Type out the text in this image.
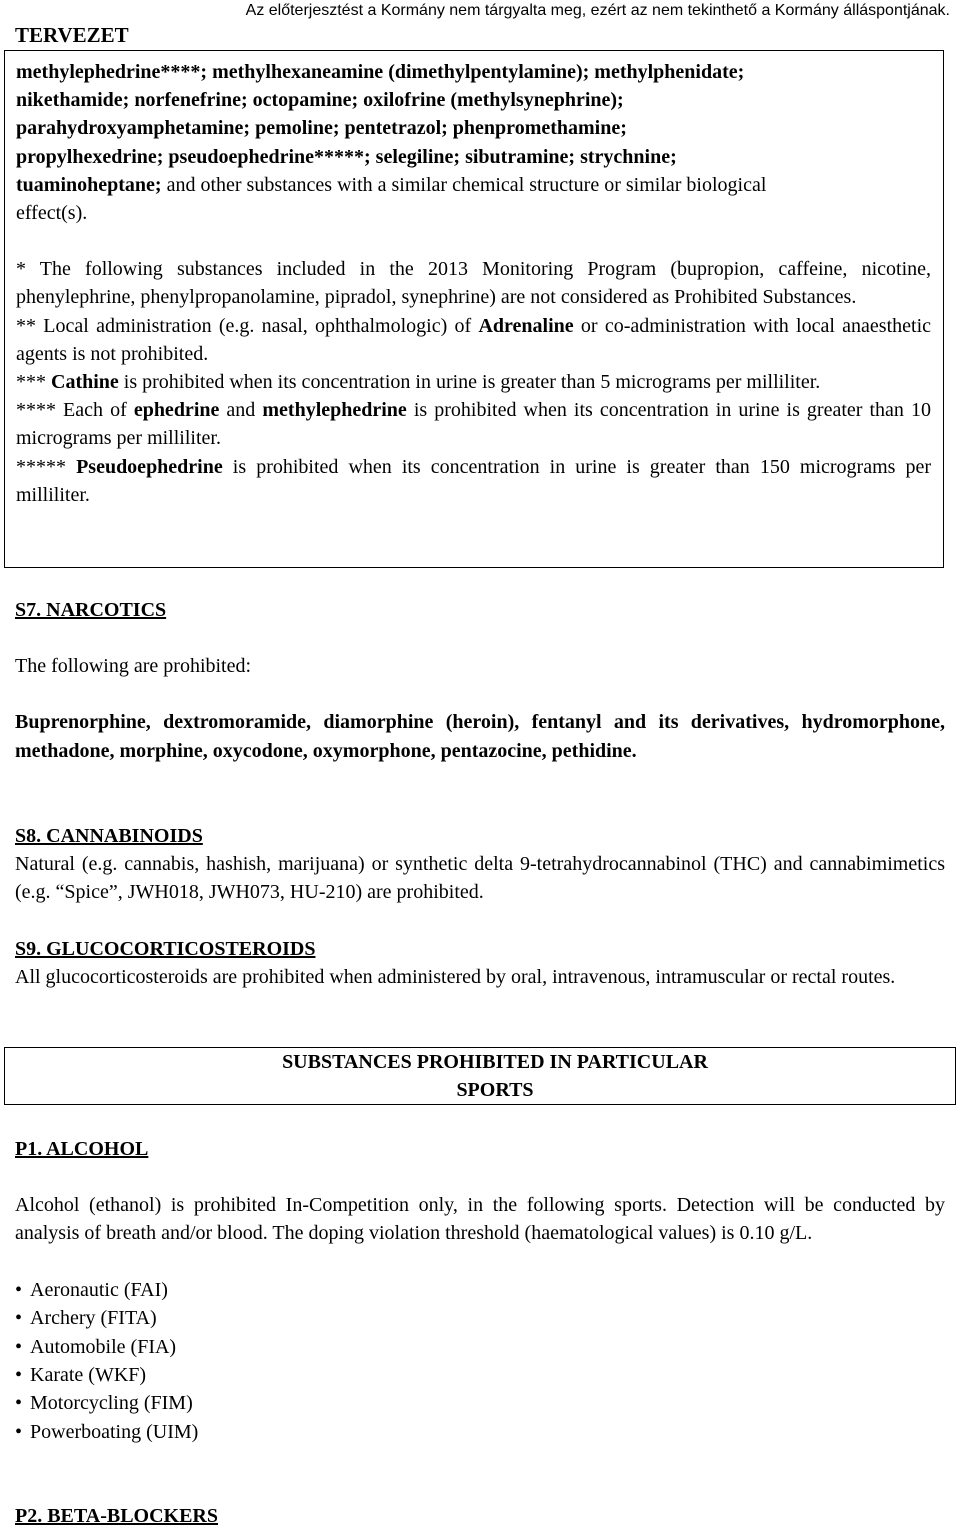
Az előterjesztést a Kormány nem tárgyalta meg, ezért az nem tekinthető a Kormány álláspontjának.
TERVEZET

methylephedrine****; methylhexaneamine (dimethylpentylamine); methylphenidate;

nikethamide; norfenefrine; octopamine; oxilofrine (methylsynephrine);

parahydroxyamphetamine; pemoline; pentetrazol; phenpromethamine;

propylhexedrine; pseudoephedrine*****; selegiline; sibutramine; strychnine;

tuaminoheptane; and other substances with a similar chemical structure or similar biological

effect(s).

* The following substances included in the 2013 Monitoring Program (bupropion, caffeine, nicotine, phenylephrine, phenylpropanolamine, pipradol, synephrine) are not considered as Prohibited Substances.

** Local administration (e.g. nasal, ophthalmologic) of Adrenaline or co-administration with local anaesthetic agents is not prohibited.

*** Cathine is prohibited when its concentration in urine is greater than 5 micrograms per milliliter.

**** Each of ephedrine and methylephedrine is prohibited when its concentration in urine is greater than 10 micrograms per milliliter.

***** Pseudoephedrine is prohibited when its concentration in urine is greater than 150 micrograms per milliliter.

S7. NARCOTICS

The following are prohibited:

Buprenorphine, dextromoramide, diamorphine (heroin), fentanyl and its derivatives, hydromorphone, methadone, morphine, oxycodone, oxymorphone, pentazocine, pethidine.

S8. CANNABINOIDS

Natural (e.g. cannabis, hashish, marijuana) or synthetic delta 9-tetrahydrocannabinol (THC) and cannabimimetics (e.g. “Spice”, JWH018, JWH073, HU-210) are prohibited.

S9. GLUCOCORTICOSTEROIDS

All glucocorticosteroids are prohibited when administered by oral, intravenous, intramuscular or rectal routes.

SUBSTANCES PROHIBITED IN PARTICULAR
SPORTS

P1. ALCOHOL

Alcohol (ethanol) is prohibited In-Competition only, in the following sports. Detection will be conducted by analysis of breath and/or blood. The doping violation threshold (haematological values) is 0.10 g/L.

• Aeronautic (FAI)
• Archery (FITA)
• Automobile (FIA)
• Karate (WKF)
• Motorcycling (FIM)
• Powerboating (UIM)

P2. BETA-BLOCKERS
